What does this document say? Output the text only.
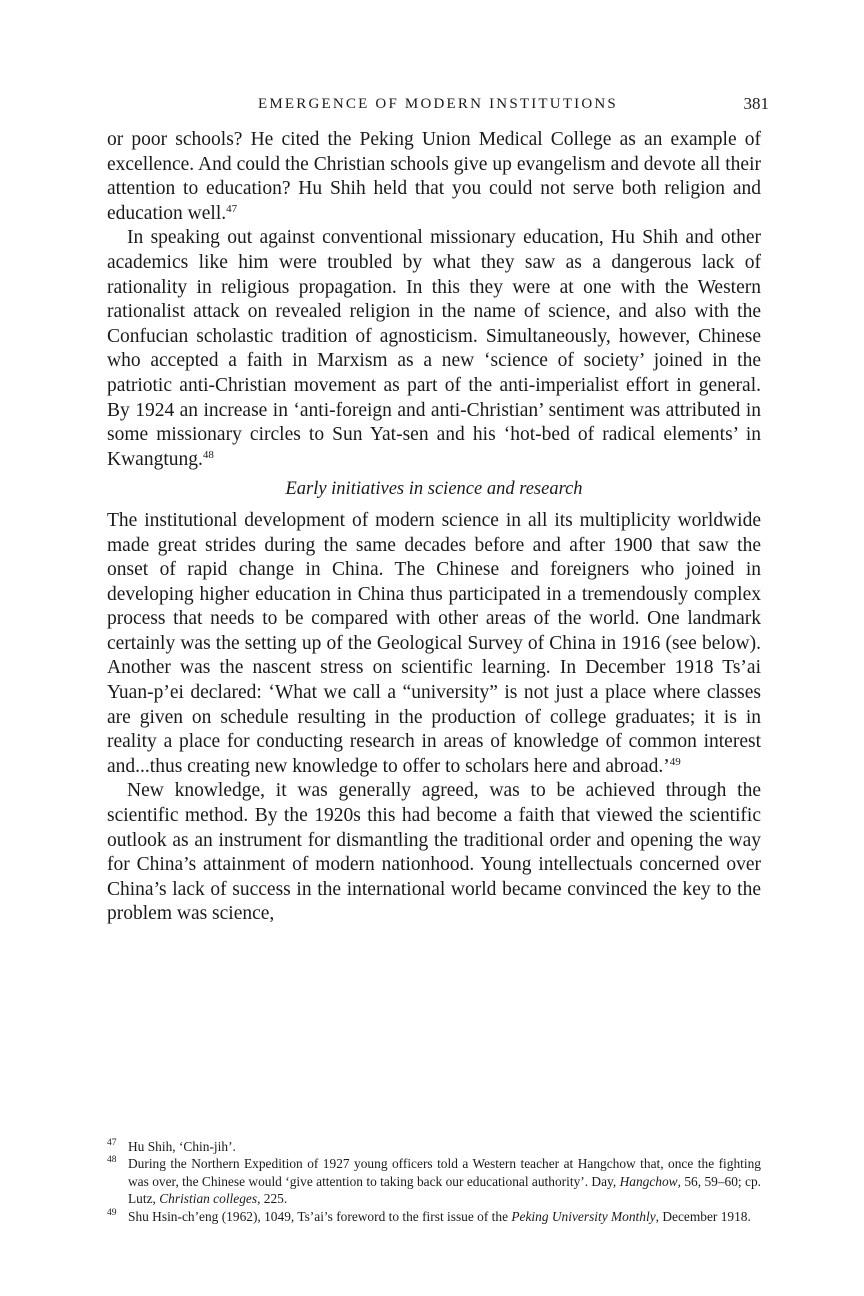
EMERGENCE OF MODERN INSTITUTIONS	381

or poor schools? He cited the Peking Union Medical College as an example of excellence. And could the Christian schools give up evangelism and devote all their attention to education? Hu Shih held that you could not serve both religion and education well.$^{47}$

In speaking out against conventional missionary education, Hu Shih and other academics like him were troubled by what they saw as a dangerous lack of rationality in religious propagation. In this they were at one with the Western rationalist attack on revealed religion in the name of science, and also with the Confucian scholastic tradition of agnosticism. Simultaneously, however, Chinese who accepted a faith in Marxism as a new ‘science of society’ joined in the patriotic anti-Christian movement as part of the anti-imperialist effort in general. By 1924 an increase in ‘anti-foreign and anti-Christian’ sentiment was attributed in some missionary circles to Sun Yat-sen and his ‘hot-bed of radical elements’ in Kwangtung.$^{48}$

Early initiatives in science and research

The institutional development of modern science in all its multiplicity worldwide made great strides during the same decades before and after 1900 that saw the onset of rapid change in China. The Chinese and foreigners who joined in developing higher education in China thus participated in a tremendously complex process that needs to be compared with other areas of the world. One landmark certainly was the setting up of the Geological Survey of China in 1916 (see below). Another was the nascent stress on scientific learning. In December 1918 Ts’ai Yuan-p’ei declared: ‘What we call a “university” is not just a place where classes are given on schedule resulting in the production of college graduates; it is in reality a place for conducting research in areas of knowledge of common interest and...thus creating new knowledge to offer to scholars here and abroad.’$^{49}$

New knowledge, it was generally agreed, was to be achieved through the scientific method. By the 1920s this had become a faith that viewed the scientific outlook as an instrument for dismantling the traditional order and opening the way for China’s attainment of modern nationhood. Young intellectuals concerned over China’s lack of success in the international world became convinced the key to the problem was science,

47 Hu Shih, ‘Chin-jih’.
48 During the Northern Expedition of 1927 young officers told a Western teacher at Hangchow that, once the fighting was over, the Chinese would ‘give attention to taking back our educational authority’. Day, Hangchow, 56, 59–60; cp. Lutz, Christian colleges, 225.
49 Shu Hsin-ch’eng (1962), 1049, Ts’ai’s foreword to the first issue of the Peking University Monthly, December 1918.
